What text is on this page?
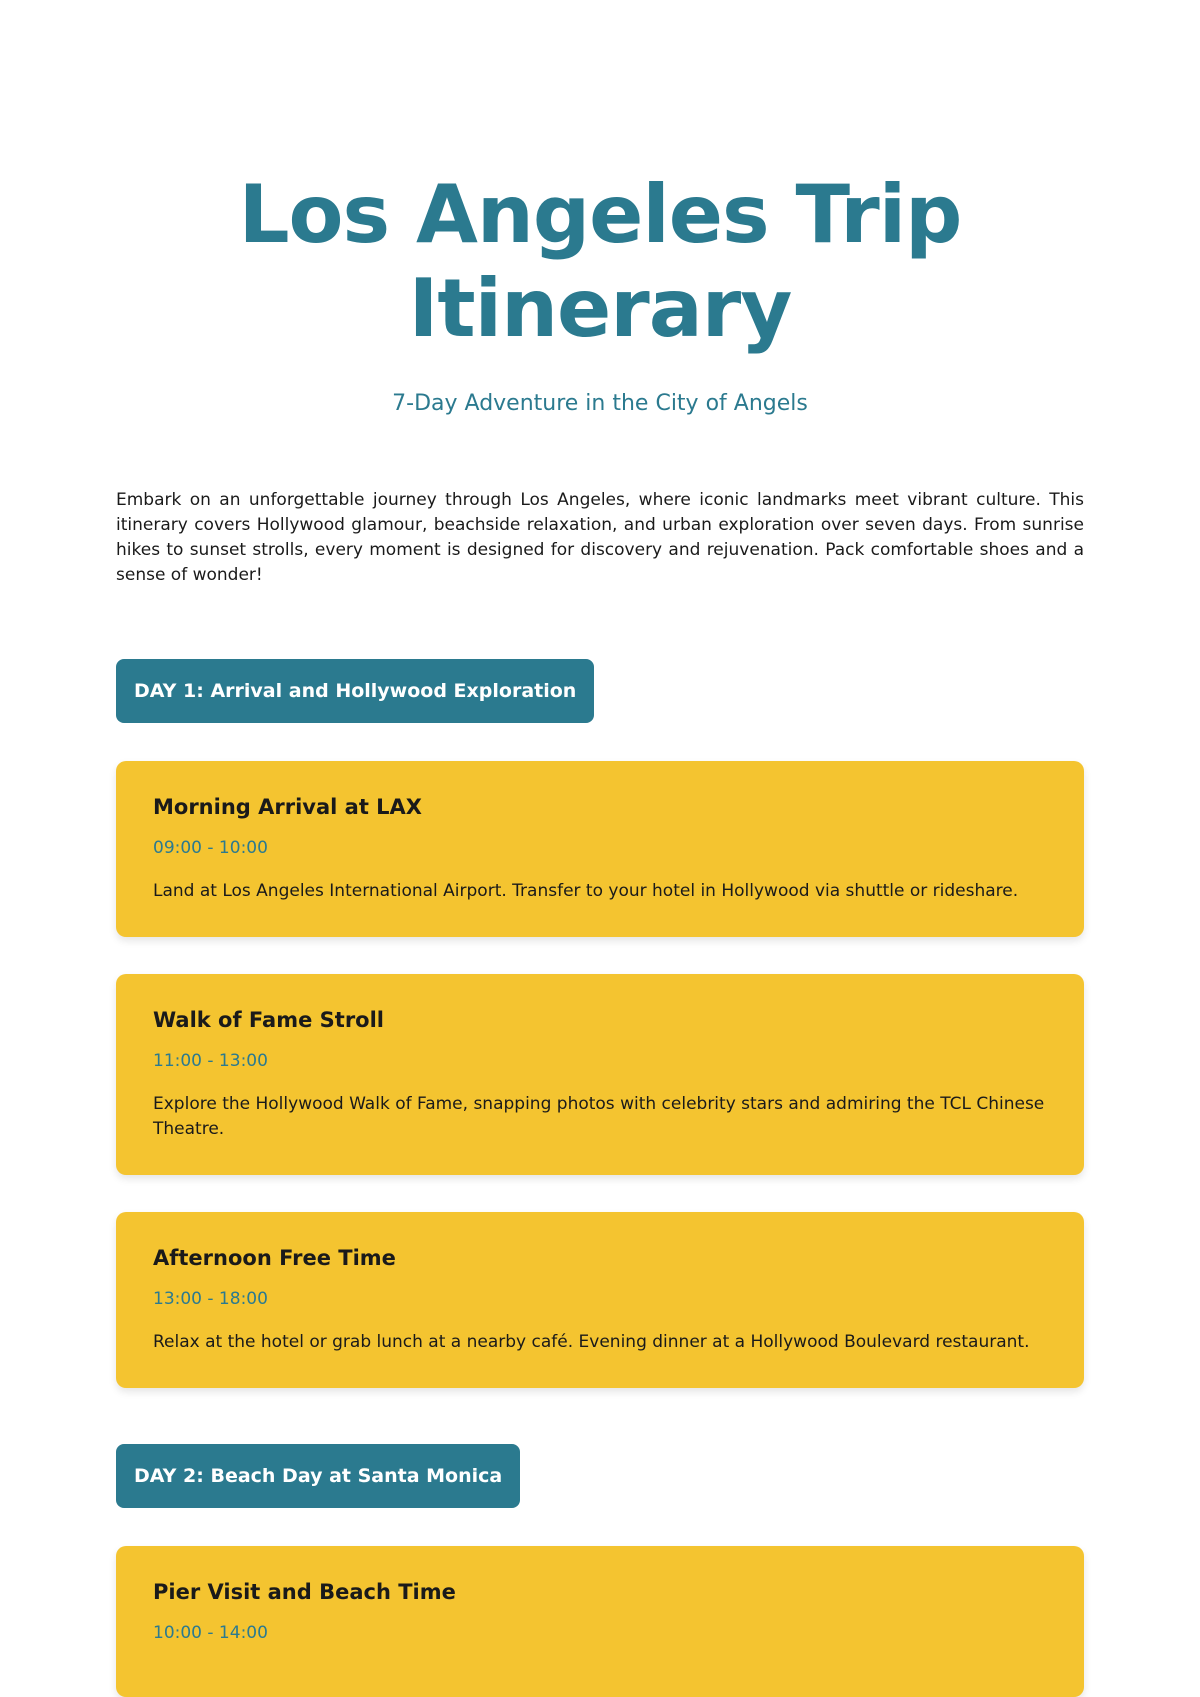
Los Angeles Trip Itinerary

7-Day Adventure in the City of Angels

Embark on an unforgettable journey through Los Angeles, where iconic landmarks meet vibrant culture. This itinerary covers Hollywood glamour, beachside relaxation, and urban exploration over seven days. From sunrise hikes to sunset strolls, every moment is designed for discovery and rejuvenation. Pack comfortable shoes and a sense of wonder!

DAY 1: Arrival and Hollywood Exploration
Morning Arrival at LAX
09:00 - 10:00
Land at Los Angeles International Airport. Transfer to your hotel in Hollywood via shuttle or rideshare.
Walk of Fame Stroll
11:00 - 13:00
Explore the Hollywood Walk of Fame, snapping photos with celebrity stars and admiring the TCL Chinese Theatre.
Afternoon Free Time
13:00 - 18:00
Relax at the hotel or grab lunch at a nearby café. Evening dinner at a Hollywood Boulevard restaurant.
DAY 2: Beach Day at Santa Monica
Pier Visit and Beach Time
10:00 - 14:00
